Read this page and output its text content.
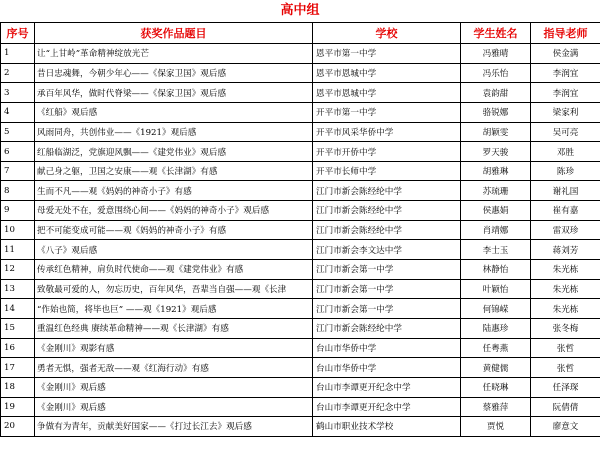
高中组
序号	获奖作品题目	学校	学生姓名	指导老师
1	让“上甘岭”革命精神绽放光芒	恩平市第一中学	冯雅晴	侯金满
2	昔日忠魂舞，今朝少年心——《保家卫国》观后感	恩平市恩城中学	冯乐怡	李润宜
3	承百年风华，做时代脊梁——《保家卫国》观后感	恩平市恩城中学	袁韵甜	李润宜
4	《红船》观后感	开平市第一中学	骆锐娜	梁家利
5	风雨同舟，共创伟业——《1921》观后感	开平市风采华侨中学	胡颖雯	吴可亮
6	红船临湖泛，党旗迎风飘——《建党伟业》观后感	开平市开侨中学	罗天骏	邓胜
7	献己身之躯，卫国之安康——观《长津湖》有感	开平市长师中学	胡雅琳	陈珍
8	生而不凡——观《妈妈的神奇小子》有感	江门市新会陈经纶中学	苏琉珊	谢礼国
9	母爱无处不在，爱意围绕心间——《妈妈的神奇小子》观后感	江门市新会陈经纶中学	侯惠娟	崔有嘉
10	把不可能变成可能——观《妈妈的神奇小子》有感	江门市新会陈经纶中学	肖靖娜	雷双珍
11	《八子》观后感	江门市新会李文达中学	李士玉	蒋刘芳
12	传承红色精神，肩负时代使命——观《建党伟业》有感	江门市新会第一中学	林静怡	朱光栋
13	致敬最可爱的人，勿忘历史，百年风华，吾辈当自强——观《长津	江门市新会第一中学	叶颖怡	朱光栋
14	“作始也简，将毕也巨” ——观《1921》观后感	江门市新会第一中学	何锦嵘	朱光栋
15	重温红色经典 赓续革命精神——观《长津湖》有感	江门市新会陈经纶中学	陆惠珍	张冬梅
16	《金刚川》观影有感	台山市华侨中学	任粤燕	张哲
17	勇者无惧，强者无敌——观《红海行动》有感	台山市华侨中学	黄健儒	张哲
18	《金刚川》观后感	台山市李谭更开纪念中学	任晓琳	任泽琛
19	《金刚川》观后感	台山市李谭更开纪念中学	蔡雅萍	阮倩倩
20	争做有为青年，贡献美好国家——《打过长江去》观后感	鹤山市职业技术学校	贾悦	廖意文
